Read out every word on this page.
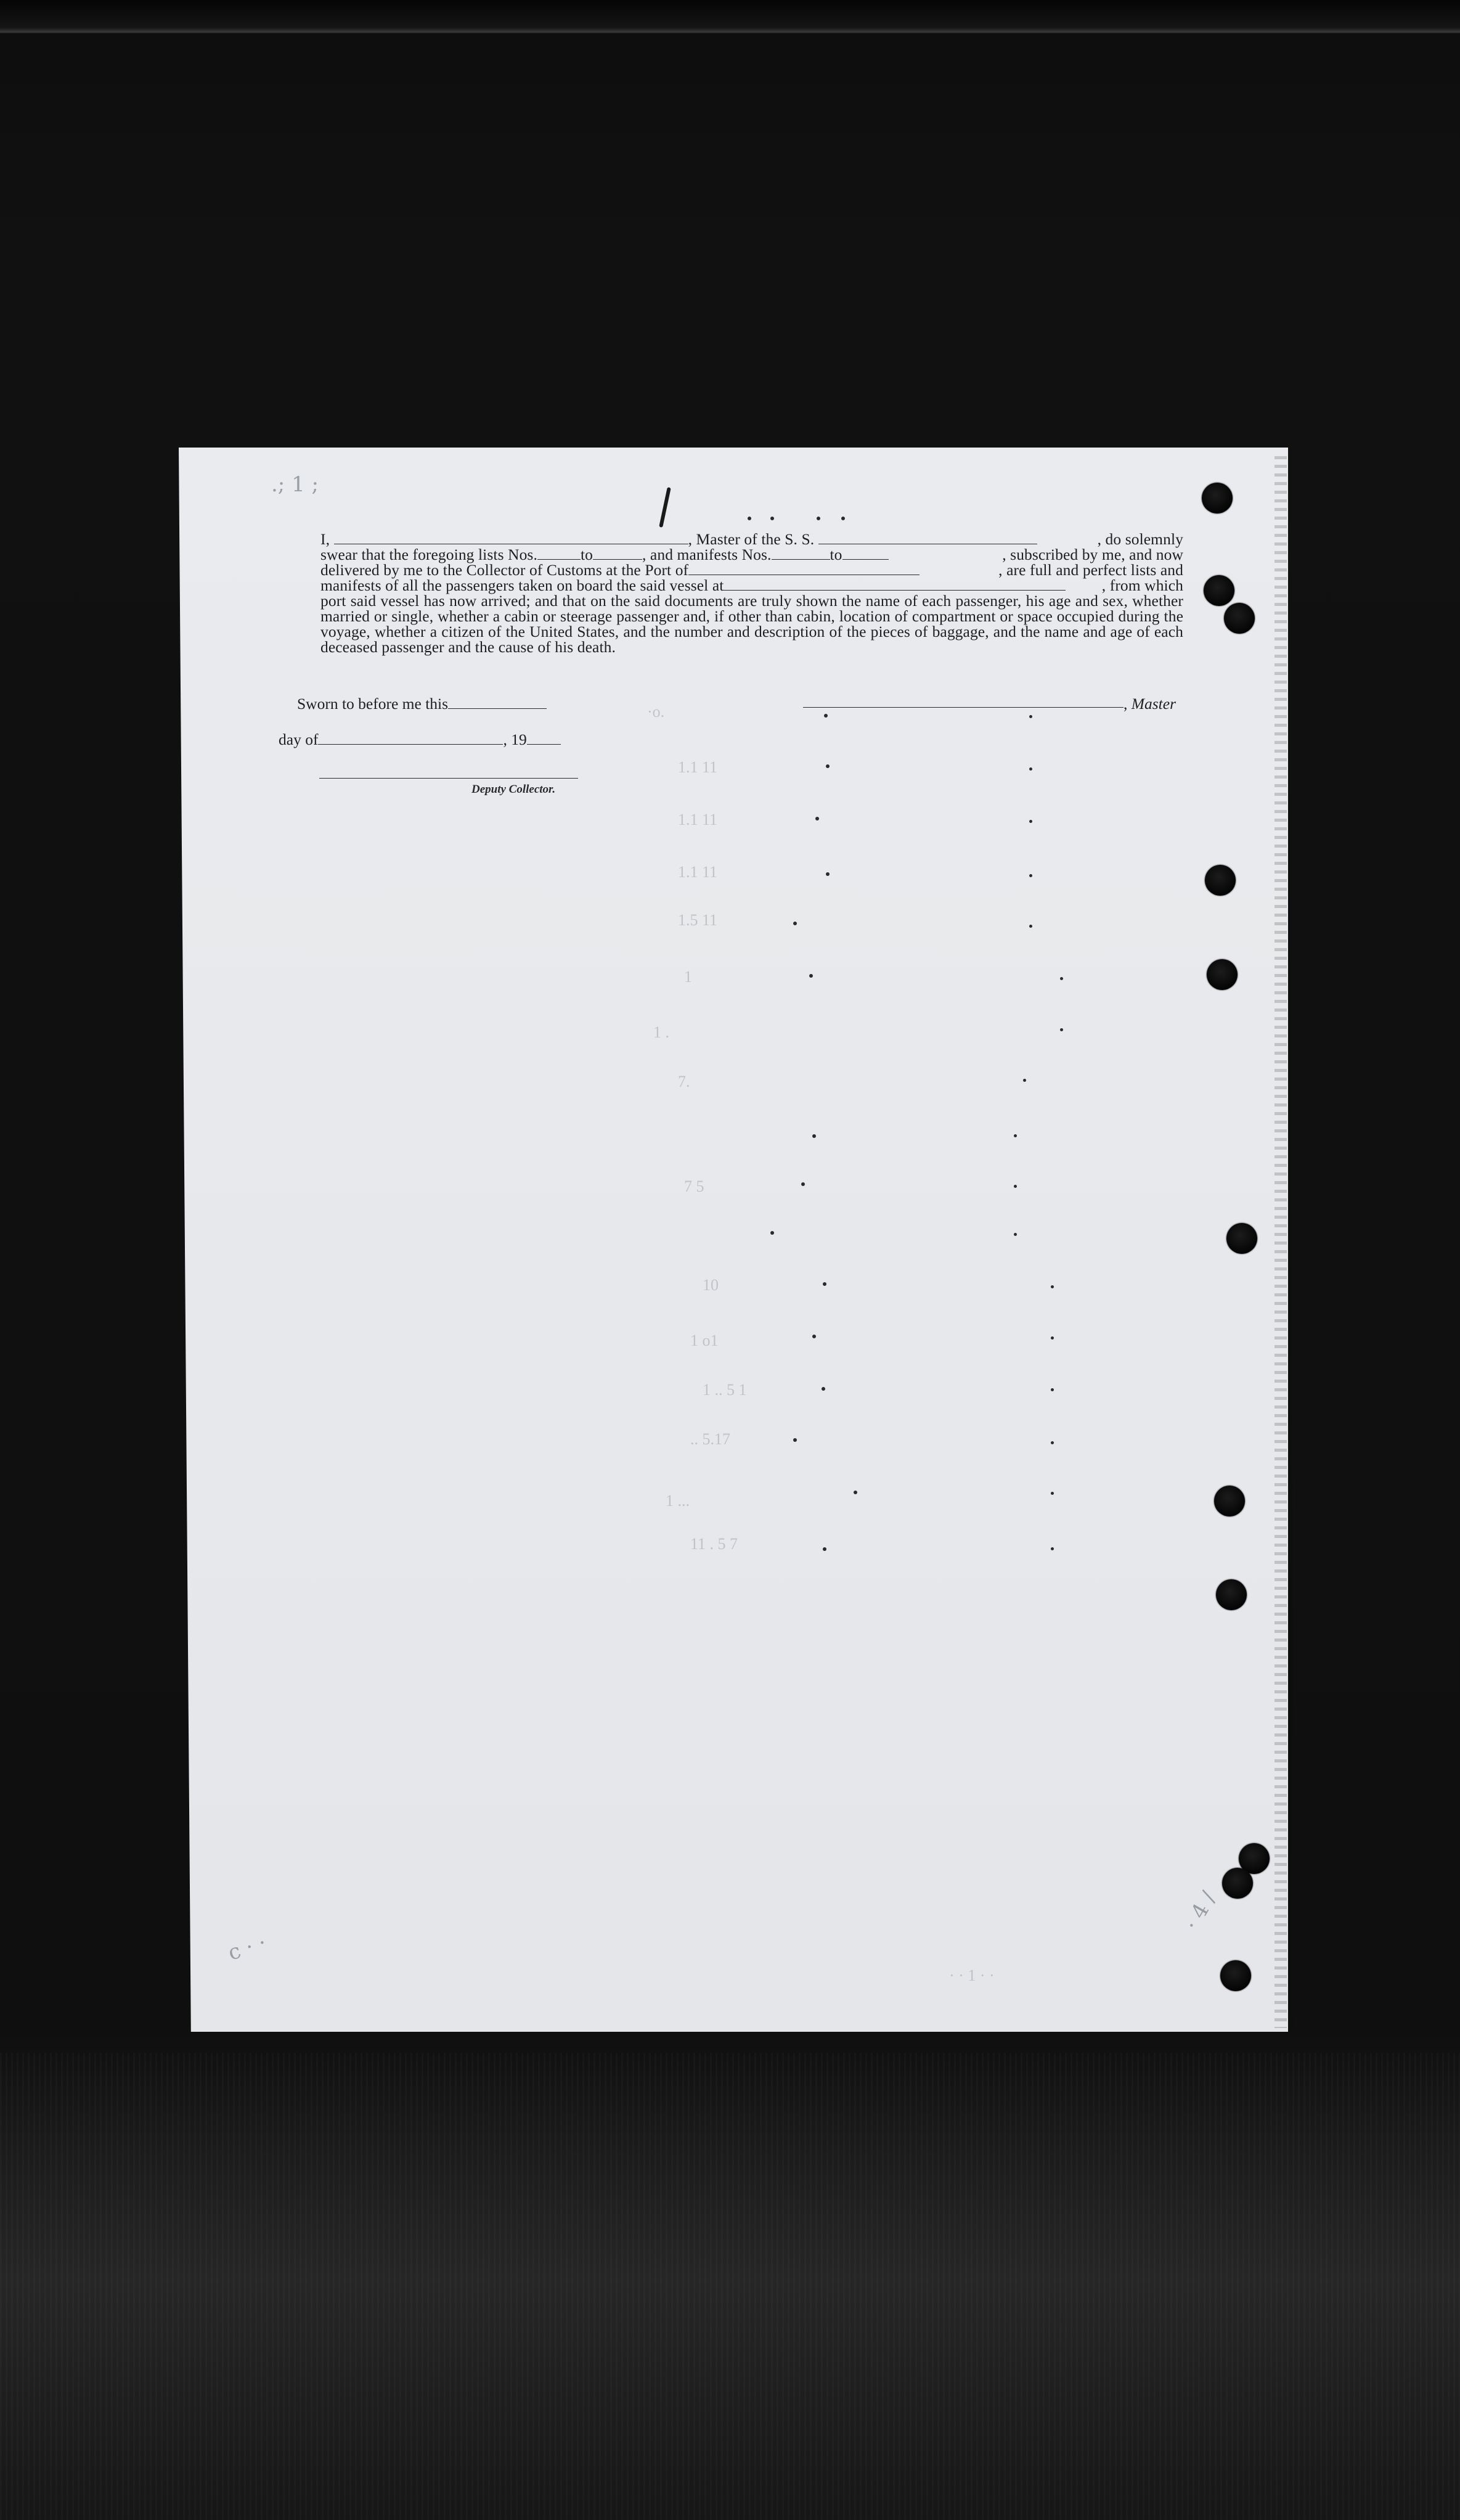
·o.
1.1 11
1.1 11
1.1 11
1.5 11
1
1 .
7.
7 5
10
1 o1
1 .. 5 1
.. 5.17
1 ...
11 . 5 7
· · 1 · ·
.; 1 ;
c · ·
· 4 /
I,	, Master of the S. S.	, do solemnly
swear that the foregoing lists Nos.	to	, and manifests Nos.	to	, subscribed by me, and now
delivered by me to the Collector of Customs at the Port of	, are full and perfect lists and
manifests of all the passengers taken on board the said vessel at	, from which
port said vessel has now arrived; and that on the said documents are truly shown the name of each passenger, his age and sex, whether married or single, whether a cabin or steerage passenger and, if other than cabin, location of compartment or space occupied during the voyage, whether a citizen of the United States, and the number and description of the pieces of baggage, and the name and age of each deceased passenger and the cause of his death.
Sworn to before me this
day of	, 19
Deputy Collector.
, Master
